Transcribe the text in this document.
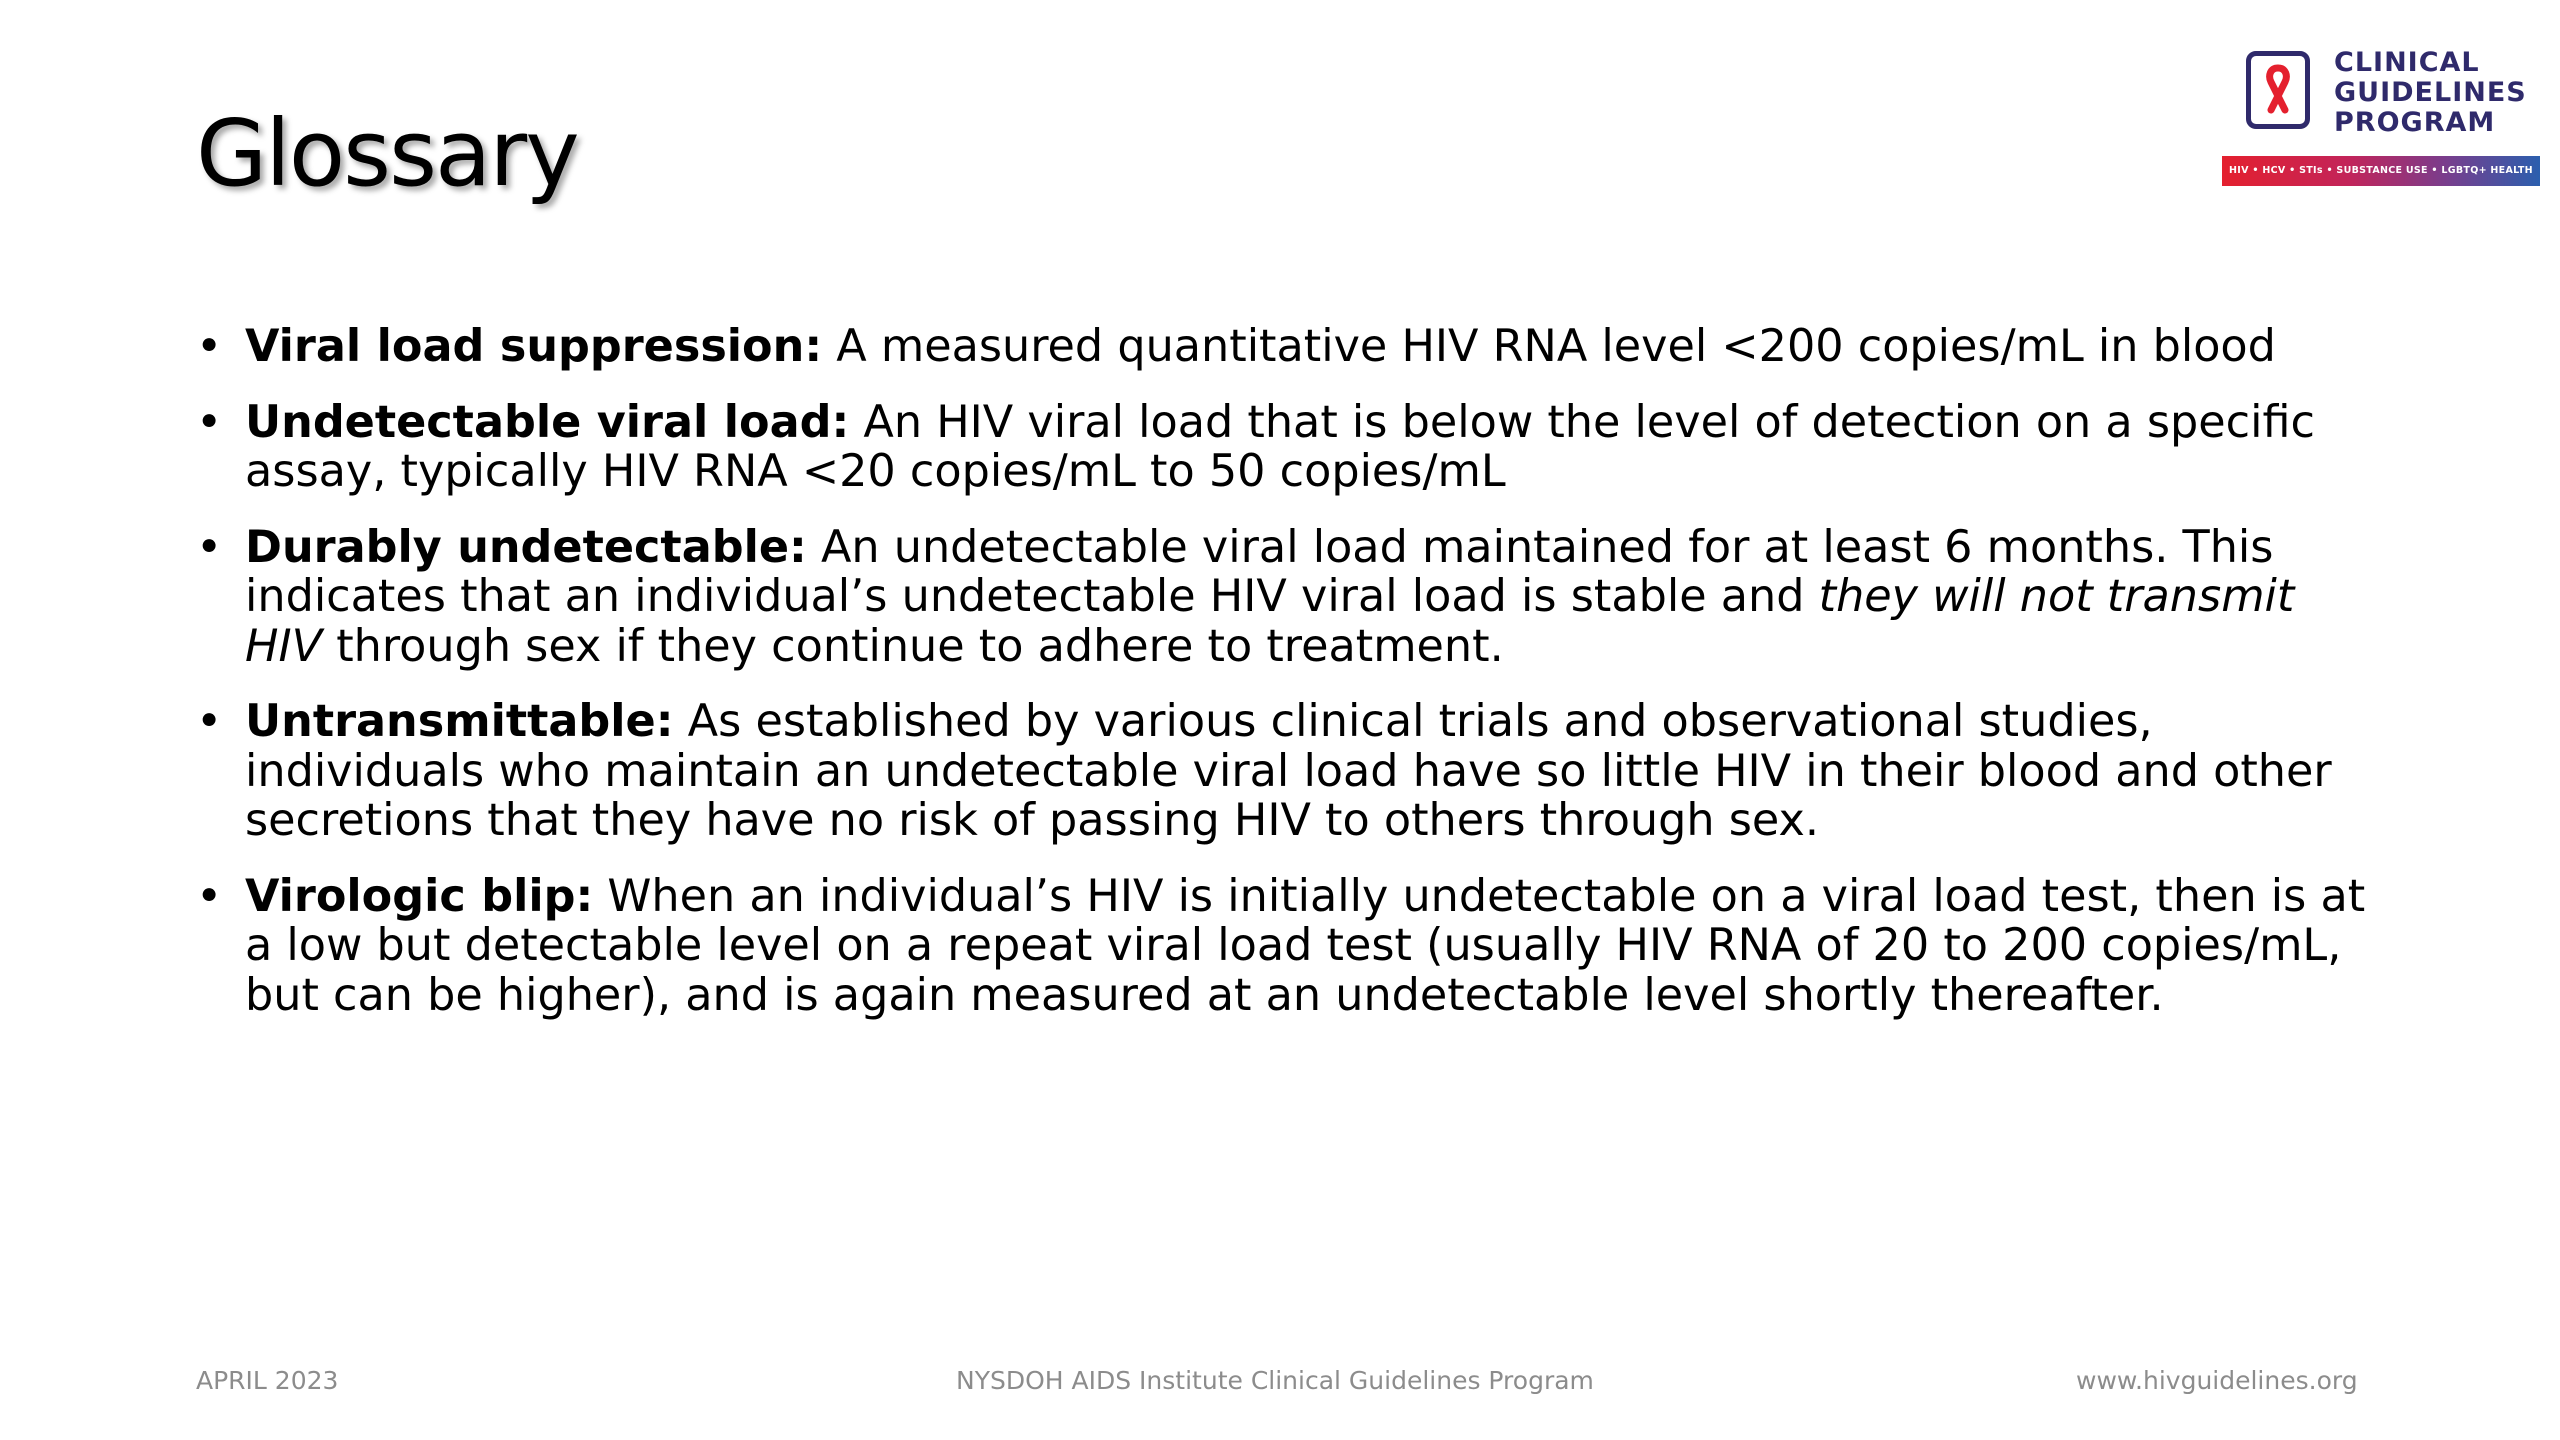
Glossary
CLINICAL
GUIDELINES
PROGRAM
HIV • HCV • STIs • SUBSTANCE USE • LGBTQ+ HEALTH
• Viral load suppression: A measured quantitative HIV RNA level <200 copies/mL in blood
• Undetectable viral load: An HIV viral load that is below the level of detection on a specific assay, typically HIV RNA <20 copies/mL to 50 copies/mL
• Durably undetectable: An undetectable viral load maintained for at least 6 months. This indicates that an individual’s undetectable HIV viral load is stable and they will not transmit HIV through sex if they continue to adhere to treatment.
• Untransmittable: As established by various clinical trials and observational studies, individuals who maintain an undetectable viral load have so little HIV in their blood and other secretions that they have no risk of passing HIV to others through sex.
• Virologic blip: When an individual’s HIV is initially undetectable on a viral load test, then is at a low but detectable level on a repeat viral load test (usually HIV RNA of 20 to 200 copies/mL, but can be higher), and is again measured at an undetectable level shortly thereafter.
APRIL 2023	NYSDOH AIDS Institute Clinical Guidelines Program	www.hivguidelines.org
